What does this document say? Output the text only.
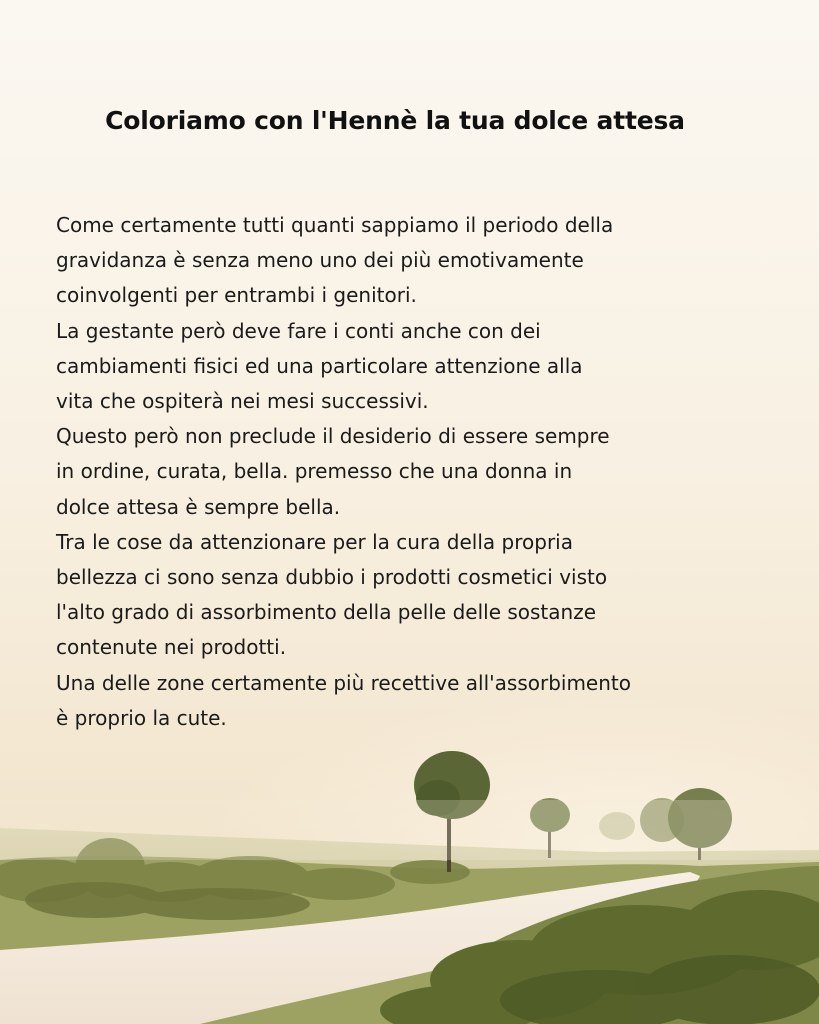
Coloriamo con l'Hennè la tua dolce attesa
Come certamente tutti quanti sappiamo il periodo della
gravidanza è senza meno uno dei più emotivamente
coinvolgenti per entrambi i genitori.
La gestante però deve fare i conti anche con dei
cambiamenti fisici ed una particolare attenzione alla
vita che ospiterà nei mesi successivi.
Questo però non preclude il desiderio di essere sempre
in ordine, curata, bella. premesso che una donna in
dolce attesa è sempre bella.
Tra le cose da attenzionare per la cura della propria
bellezza ci sono senza dubbio i prodotti cosmetici visto
l'alto grado di assorbimento della pelle delle sostanze
contenute nei prodotti.
Una delle zone certamente più recettive all'assorbimento
è proprio la cute.
